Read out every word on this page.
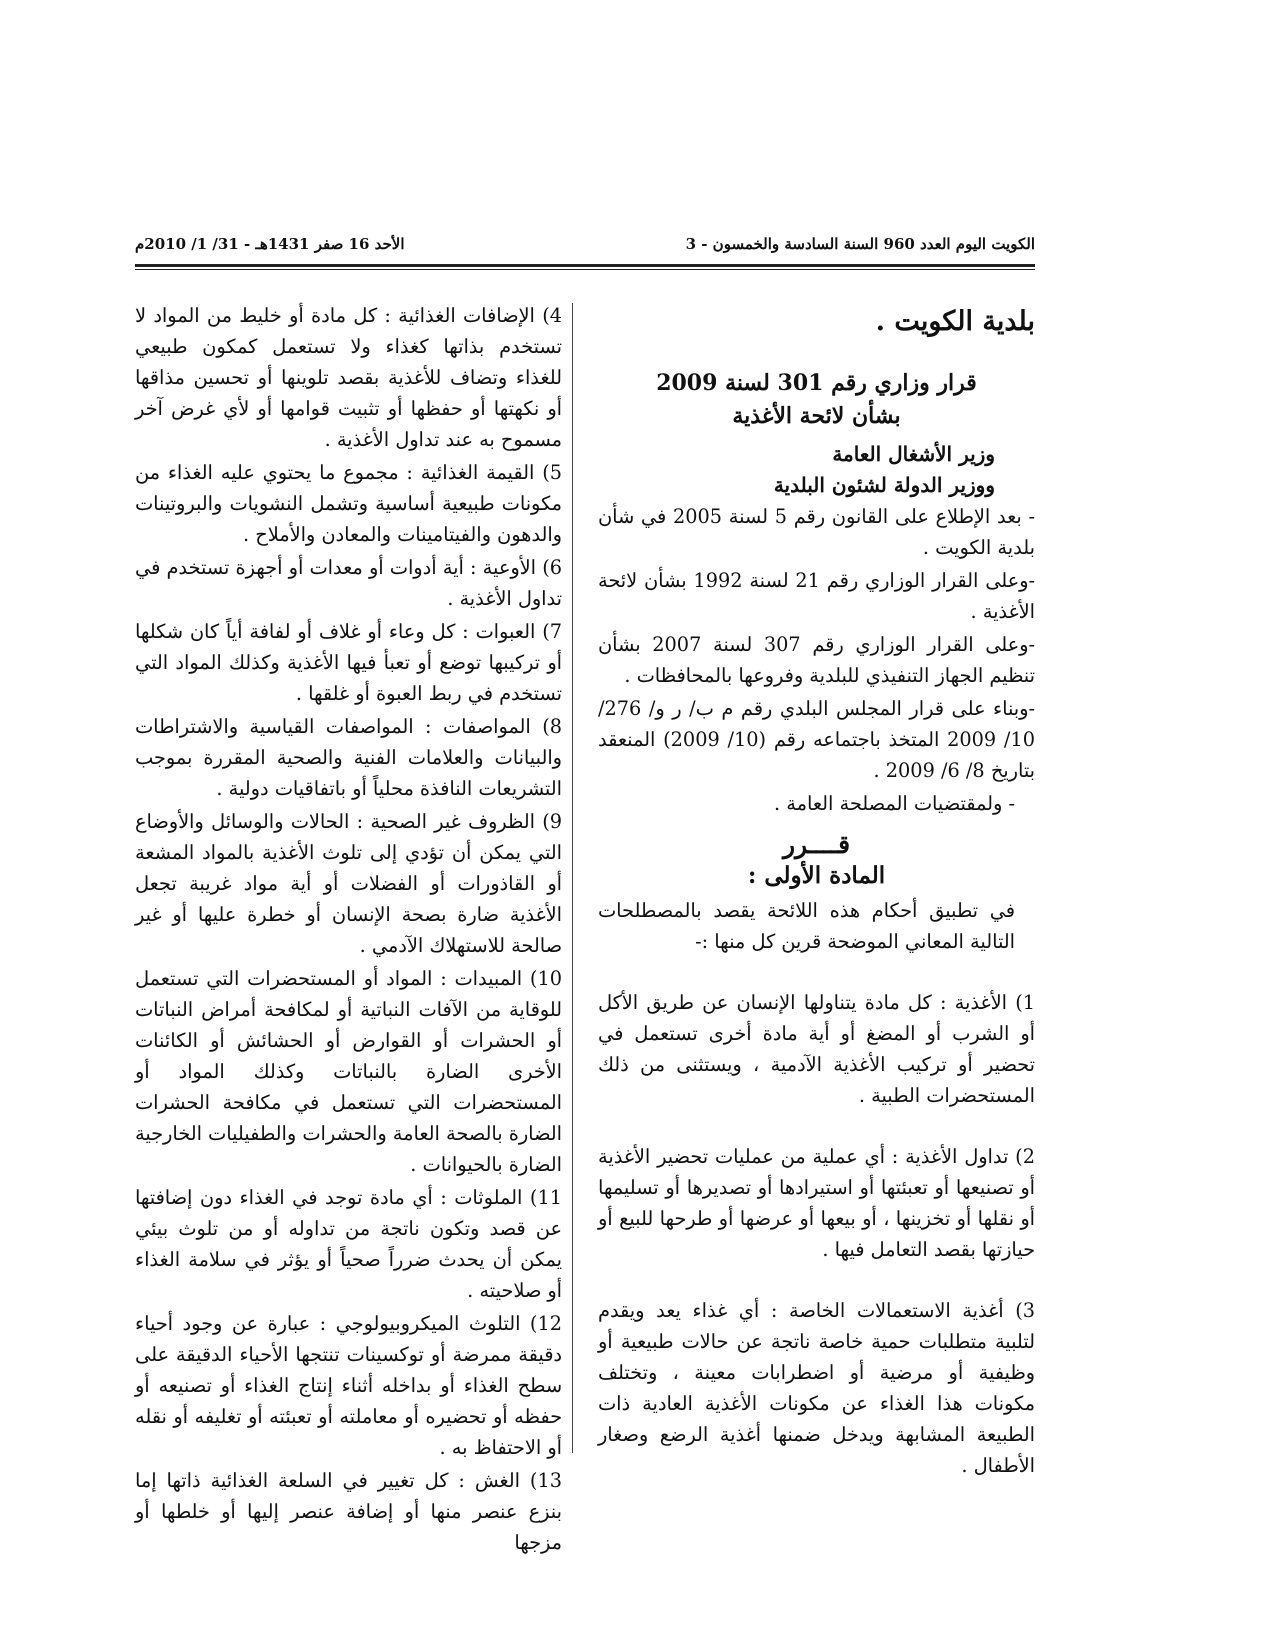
الكويت اليوم العدد 960 السنة السادسة والخمسون - 3
الأحد 16 صفر 1431هـ - 31/ 1/ 2010م
بلدية الكويت .
قرار وزاري رقم 301 لسنة 2009
بشأن لائحة الأغذية
وزير الأشغال العامة
ووزير الدولة لشئون البلدية

- بعد الإطلاع على القانون رقم 5 لسنة 2005 في شأن بلدية الكويت .

-وعلى القرار الوزاري رقم 21 لسنة 1992 بشأن لائحة الأغذية .

-وعلى القرار الوزاري رقم 307 لسنة 2007 بشأن تنظيم الجهاز التنفيذي للبلدية وفروعها بالمحافظات .

-وبناء على قرار المجلس البلدي رقم م ب/ ر و/ 276/ 10/ 2009 المتخذ باجتماعه رقم (10/ 2009) المنعقد بتاريخ 8/ 6/ 2009 .

- ولمقتضيات المصلحة العامة .

قــــرر
المادة الأولى :

في تطبيق أحكام هذه اللائحة يقصد بالمصطلحات التالية المعاني الموضحة قرين كل منها :-

1) الأغذية : كل مادة يتناولها الإنسان عن طريق الأكل أو الشرب أو المضغ أو أية مادة أخرى تستعمل في تحضير أو تركيب الأغذية الآدمية ، ويستثنى من ذلك المستحضرات الطبية .

2) تداول الأغذية : أي عملية من عمليات تحضير الأغذية أو تصنيعها أو تعبئتها أو استيرادها أو تصديرها أو تسليمها أو نقلها أو تخزينها ، أو بيعها أو عرضها أو طرحها للبيع أو حيازتها بقصد التعامل فيها .

3) أغذية الاستعمالات الخاصة : أي غذاء يعد ويقدم لتلبية متطلبات حمية خاصة ناتجة عن حالات طبيعية أو وظيفية أو مرضية أو اضطرابات معينة ، وتختلف مكونات هذا الغذاء عن مكونات الأغذية العادية ذات الطبيعة المشابهة ويدخل ضمنها أغذية الرضع وصغار الأطفال .

4) الإضافات الغذائية : كل مادة أو خليط من المواد لا تستخدم بذاتها كغذاء ولا تستعمل كمكون طبيعي للغذاء وتضاف للأغذية بقصد تلوينها أو تحسين مذاقها أو نكهتها أو حفظها أو تثبيت قوامها أو لأي غرض آخر مسموح به عند تداول الأغذية .

5) القيمة الغذائية : مجموع ما يحتوي عليه الغذاء من مكونات طبيعية أساسية وتشمل النشويات والبروتينات والدهون والفيتامينات والمعادن والأملاح .

6) الأوعية : أية أدوات أو معدات أو أجهزة تستخدم في تداول الأغذية .

7) العبوات : كل وعاء أو غلاف أو لفافة أياً كان شكلها أو تركيبها توضع أو تعبأ فيها الأغذية وكذلك المواد التي تستخدم في ربط العبوة أو غلقها .

8) المواصفات : المواصفات القياسية والاشتراطات والبيانات والعلامات الفنية والصحية المقررة بموجب التشريعات النافذة محلياً أو باتفاقيات دولية .

9) الظروف غير الصحية : الحالات والوسائل والأوضاع التي يمكن أن تؤدي إلى تلوث الأغذية بالمواد المشعة أو القاذورات أو الفضلات أو أية مواد غريبة تجعل الأغذية ضارة بصحة الإنسان أو خطرة عليها أو غير صالحة للاستهلاك الآدمي .

10) المبيدات : المواد أو المستحضرات التي تستعمل للوقاية من الآفات النباتية أو لمكافحة أمراض النباتات أو الحشرات أو القوارض أو الحشائش أو الكائنات الأخرى الضارة بالنباتات وكذلك المواد أو المستحضرات التي تستعمل في مكافحة الحشرات الضارة بالصحة العامة والحشرات والطفيليات الخارجية الضارة بالحيوانات .

11) الملوثات : أي مادة توجد في الغذاء دون إضافتها عن قصد وتكون ناتجة من تداوله أو من تلوث بيئي يمكن أن يحدث ضرراً صحياً أو يؤثر في سلامة الغذاء أو صلاحيته .

12) التلوث الميكروبيولوجي : عبارة عن وجود أحياء دقيقة ممرضة أو توكسينات تنتجها الأحياء الدقيقة على سطح الغذاء أو بداخله أثناء إنتاج الغذاء أو تصنيعه أو حفظه أو تحضيره أو معاملته أو تعبئته أو تغليفه أو نقله أو الاحتفاظ به .

13) الغش : كل تغيير في السلعة الغذائية ذاتها إما بنزع عنصر منها أو إضافة عنصر إليها أو خلطها أو مزجها
